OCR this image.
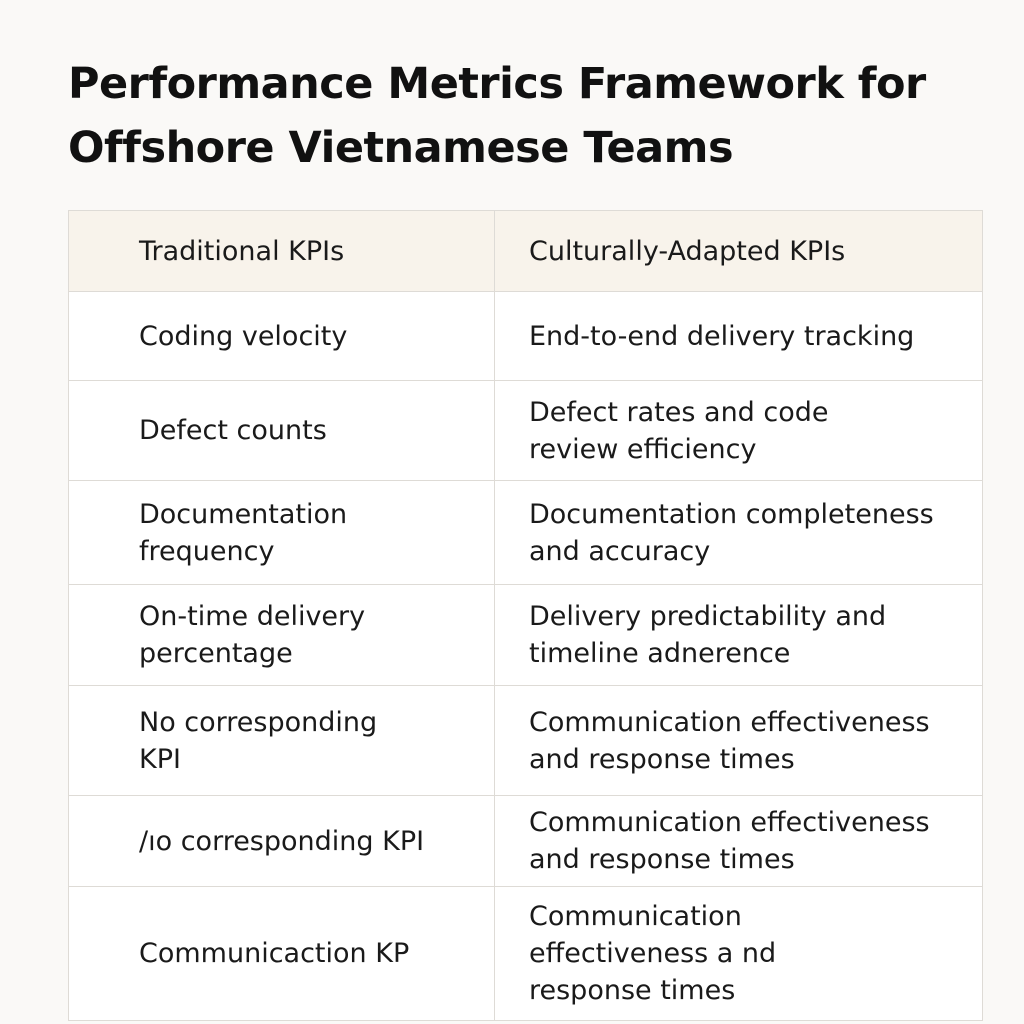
Performance Metrics Framework for
Offshore Vietnamese Teams
Traditional KPIs	Culturally-Adapted KPIs

Coding velocity	End-to-end delivery tracking

Defect counts	Defect rates and code review efficiency

Documentation frequency	Documentation completeness and accuracy

On-time delivery percentage	Delivery predictability and timeline adnerence

No corresponding KPI	Communication effectiveness and response times

/ıo corresponding KPI	Communication effectiveness and response times

Communicaction KP	Communication effectiveness a nd response times
